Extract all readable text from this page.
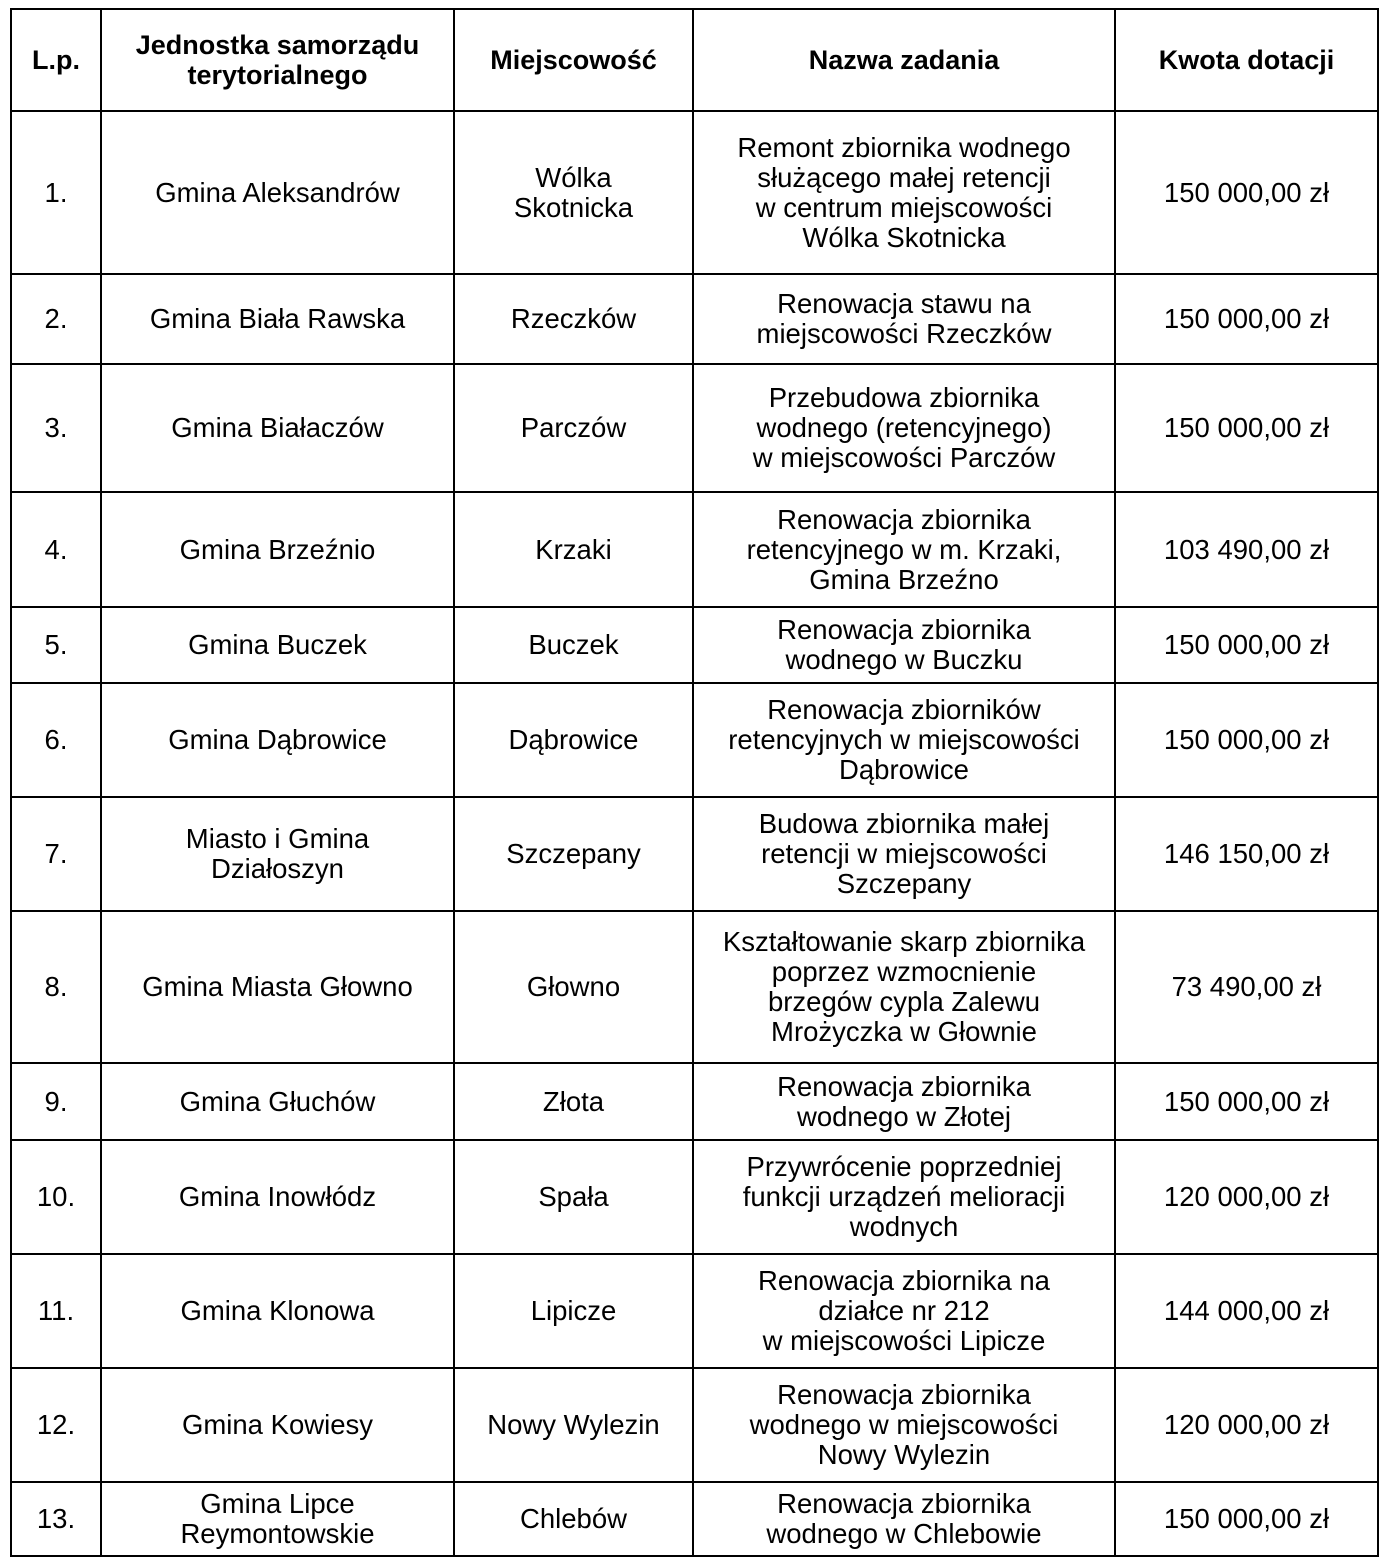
L.p.	Jednostka samorządu
terytorialnego	Miejscowość	Nazwa zadania	Kwota dotacji
1.	Gmina Aleksandrów	Wólka
Skotnicka	Remont zbiornika wodnego
służącego małej retencji
w centrum miejscowości
Wólka Skotnicka	150 000,00 zł
2.	Gmina Biała Rawska	Rzeczków	Renowacja stawu na
miejscowości Rzeczków	150 000,00 zł
3.	Gmina Białaczów	Parczów	Przebudowa zbiornika
wodnego (retencyjnego)
w miejscowości Parczów	150 000,00 zł
4.	Gmina Brzeźnio	Krzaki	Renowacja zbiornika
retencyjnego w m. Krzaki,
Gmina Brzeźno	103 490,00 zł
5.	Gmina Buczek	Buczek	Renowacja zbiornika
wodnego w Buczku	150 000,00 zł
6.	Gmina Dąbrowice	Dąbrowice	Renowacja zbiorników
retencyjnych w miejscowości
Dąbrowice	150 000,00 zł
7.	Miasto i Gmina
Działoszyn	Szczepany	Budowa zbiornika małej
retencji w miejscowości
Szczepany	146 150,00 zł
8.	Gmina Miasta Głowno	Głowno	Kształtowanie skarp zbiornika
poprzez wzmocnienie
brzegów cypla Zalewu
Mrożyczka w Głownie	73 490,00 zł
9.	Gmina Głuchów	Złota	Renowacja zbiornika
wodnego w Złotej	150 000,00 zł
10.	Gmina Inowłódz	Spała	Przywrócenie poprzedniej
funkcji urządzeń melioracji
wodnych	120 000,00 zł
11.	Gmina Klonowa	Lipicze	Renowacja zbiornika na
działce nr 212
w miejscowości Lipicze	144 000,00 zł
12.	Gmina Kowiesy	Nowy Wylezin	Renowacja zbiornika
wodnego w miejscowości
Nowy Wylezin	120 000,00 zł
13.	Gmina Lipce
Reymontowskie	Chlebów	Renowacja zbiornika
wodnego w Chlebowie	150 000,00 zł
